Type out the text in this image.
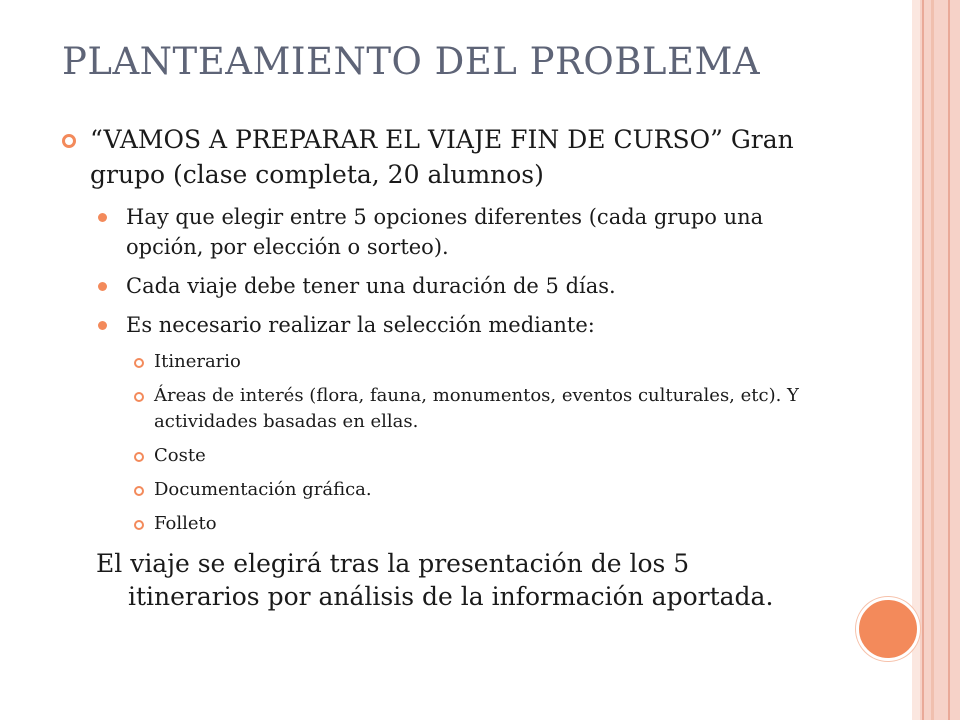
PLANTEAMIENTO DEL PROBLEMA
“VAMOS A PREPARAR EL VIAJE FIN DE CURSO” Gran grupo (clase completa, 20 alumnos)
Hay que elegir entre 5 opciones diferentes (cada grupo una opción, por elección o sorteo).
Cada viaje debe tener una duración de 5 días.
Es necesario realizar la selección mediante:
Itinerario
Áreas de interés (flora, fauna, monumentos, eventos culturales, etc). Y actividades basadas en ellas.
Coste
Documentación gráfica.
Folleto
El viaje se elegirá tras la presentación de los 5 itinerarios por análisis de la información aportada.
